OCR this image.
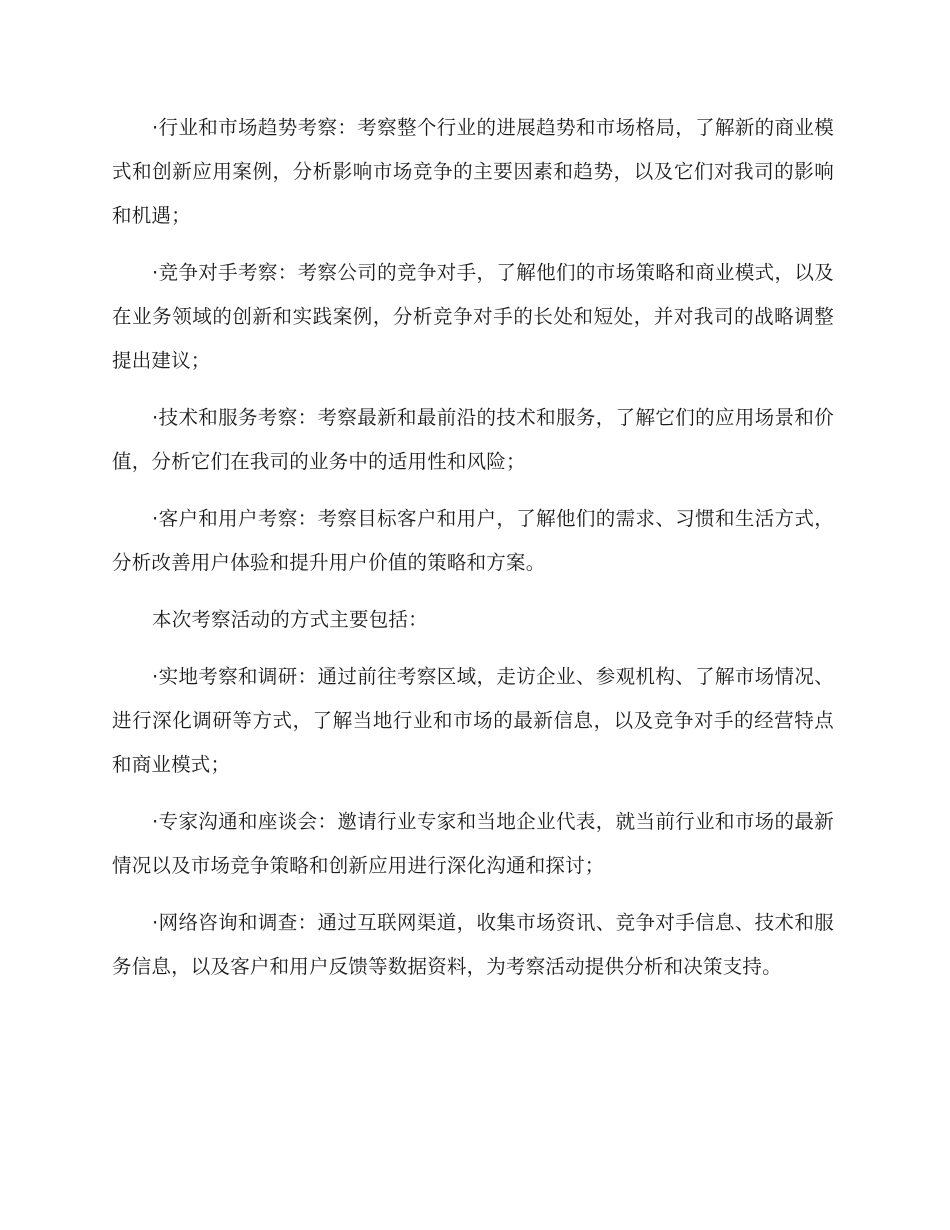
·行业和市场趋势考察：考察整个行业的进展趋势和市场格局，了解新的商业模式和创新应用案例，分析影响市场竞争的主要因素和趋势，以及它们对我司的影响和机遇；

·竞争对手考察：考察公司的竞争对手，了解他们的市场策略和商业模式，以及在业务领域的创新和实践案例，分析竞争对手的长处和短处，并对我司的战略调整提出建议；

·技术和服务考察：考察最新和最前沿的技术和服务，了解它们的应用场景和价值，分析它们在我司的业务中的适用性和风险；

·客户和用户考察：考察目标客户和用户，了解他们的需求、习惯和生活方式，分析改善用户体验和提升用户价值的策略和方案。

本次考察活动的方式主要包括：

·实地考察和调研：通过前往考察区域，走访企业、参观机构、了解市场情况、进行深化调研等方式，了解当地行业和市场的最新信息，以及竞争对手的经营特点和商业模式；

·专家沟通和座谈会：邀请行业专家和当地企业代表，就当前行业和市场的最新情况以及市场竞争策略和创新应用进行深化沟通和探讨；

·网络咨询和调查：通过互联网渠道，收集市场资讯、竞争对手信息、技术和服务信息，以及客户和用户反馈等数据资料，为考察活动提供分析和决策支持。
